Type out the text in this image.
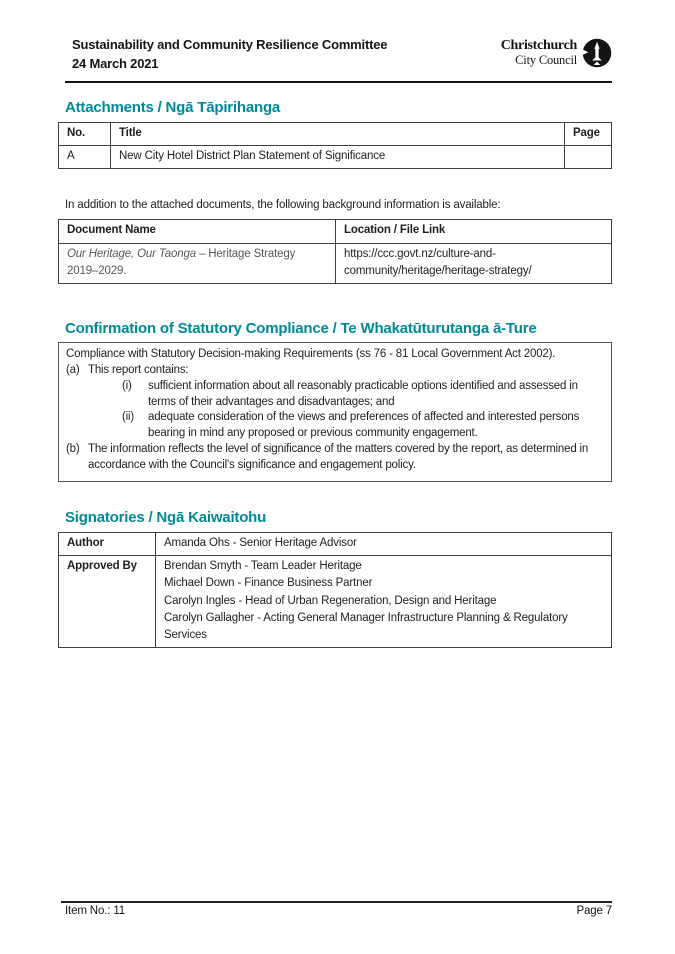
Sustainability and Community Resilience Committee
24 March 2021
Christchurch
City Council
Attachments / Ngā Tāpirihanga
No.	Title	Page
A	New City Hotel District Plan Statement of Significance	
In addition to the attached documents, the following background information is available:
Document Name	Location / File Link
Our Heritage, Our Taonga – Heritage Strategy 2019–2029.	https://ccc.govt.nz/culture-and-community/heritage/heritage-strategy/
Confirmation of Statutory Compliance / Te Whakatūturutanga ā-Ture
Compliance with Statutory Decision-making Requirements (ss 76 - 81 Local Government Act 2002).
(a) This report contains:
(i)	sufficient information about all reasonably practicable options identified and assessed in terms of their advantages and disadvantages; and
(ii)	adequate consideration of the views and preferences of affected and interested persons bearing in mind any proposed or previous community engagement.
(b) The information reflects the level of significance of the matters covered by the report, as determined in accordance with the Council's significance and engagement policy.
Signatories / Ngā Kaiwaitohu
Author	Amanda Ohs - Senior Heritage Advisor
Approved By	Brendan Smyth - Team Leader Heritage
Michael Down - Finance Business Partner
Carolyn Ingles - Head of Urban Regeneration, Design and Heritage
Carolyn Gallagher - Acting General Manager Infrastructure Planning & Regulatory Services
Item No.: 11	Page 7
